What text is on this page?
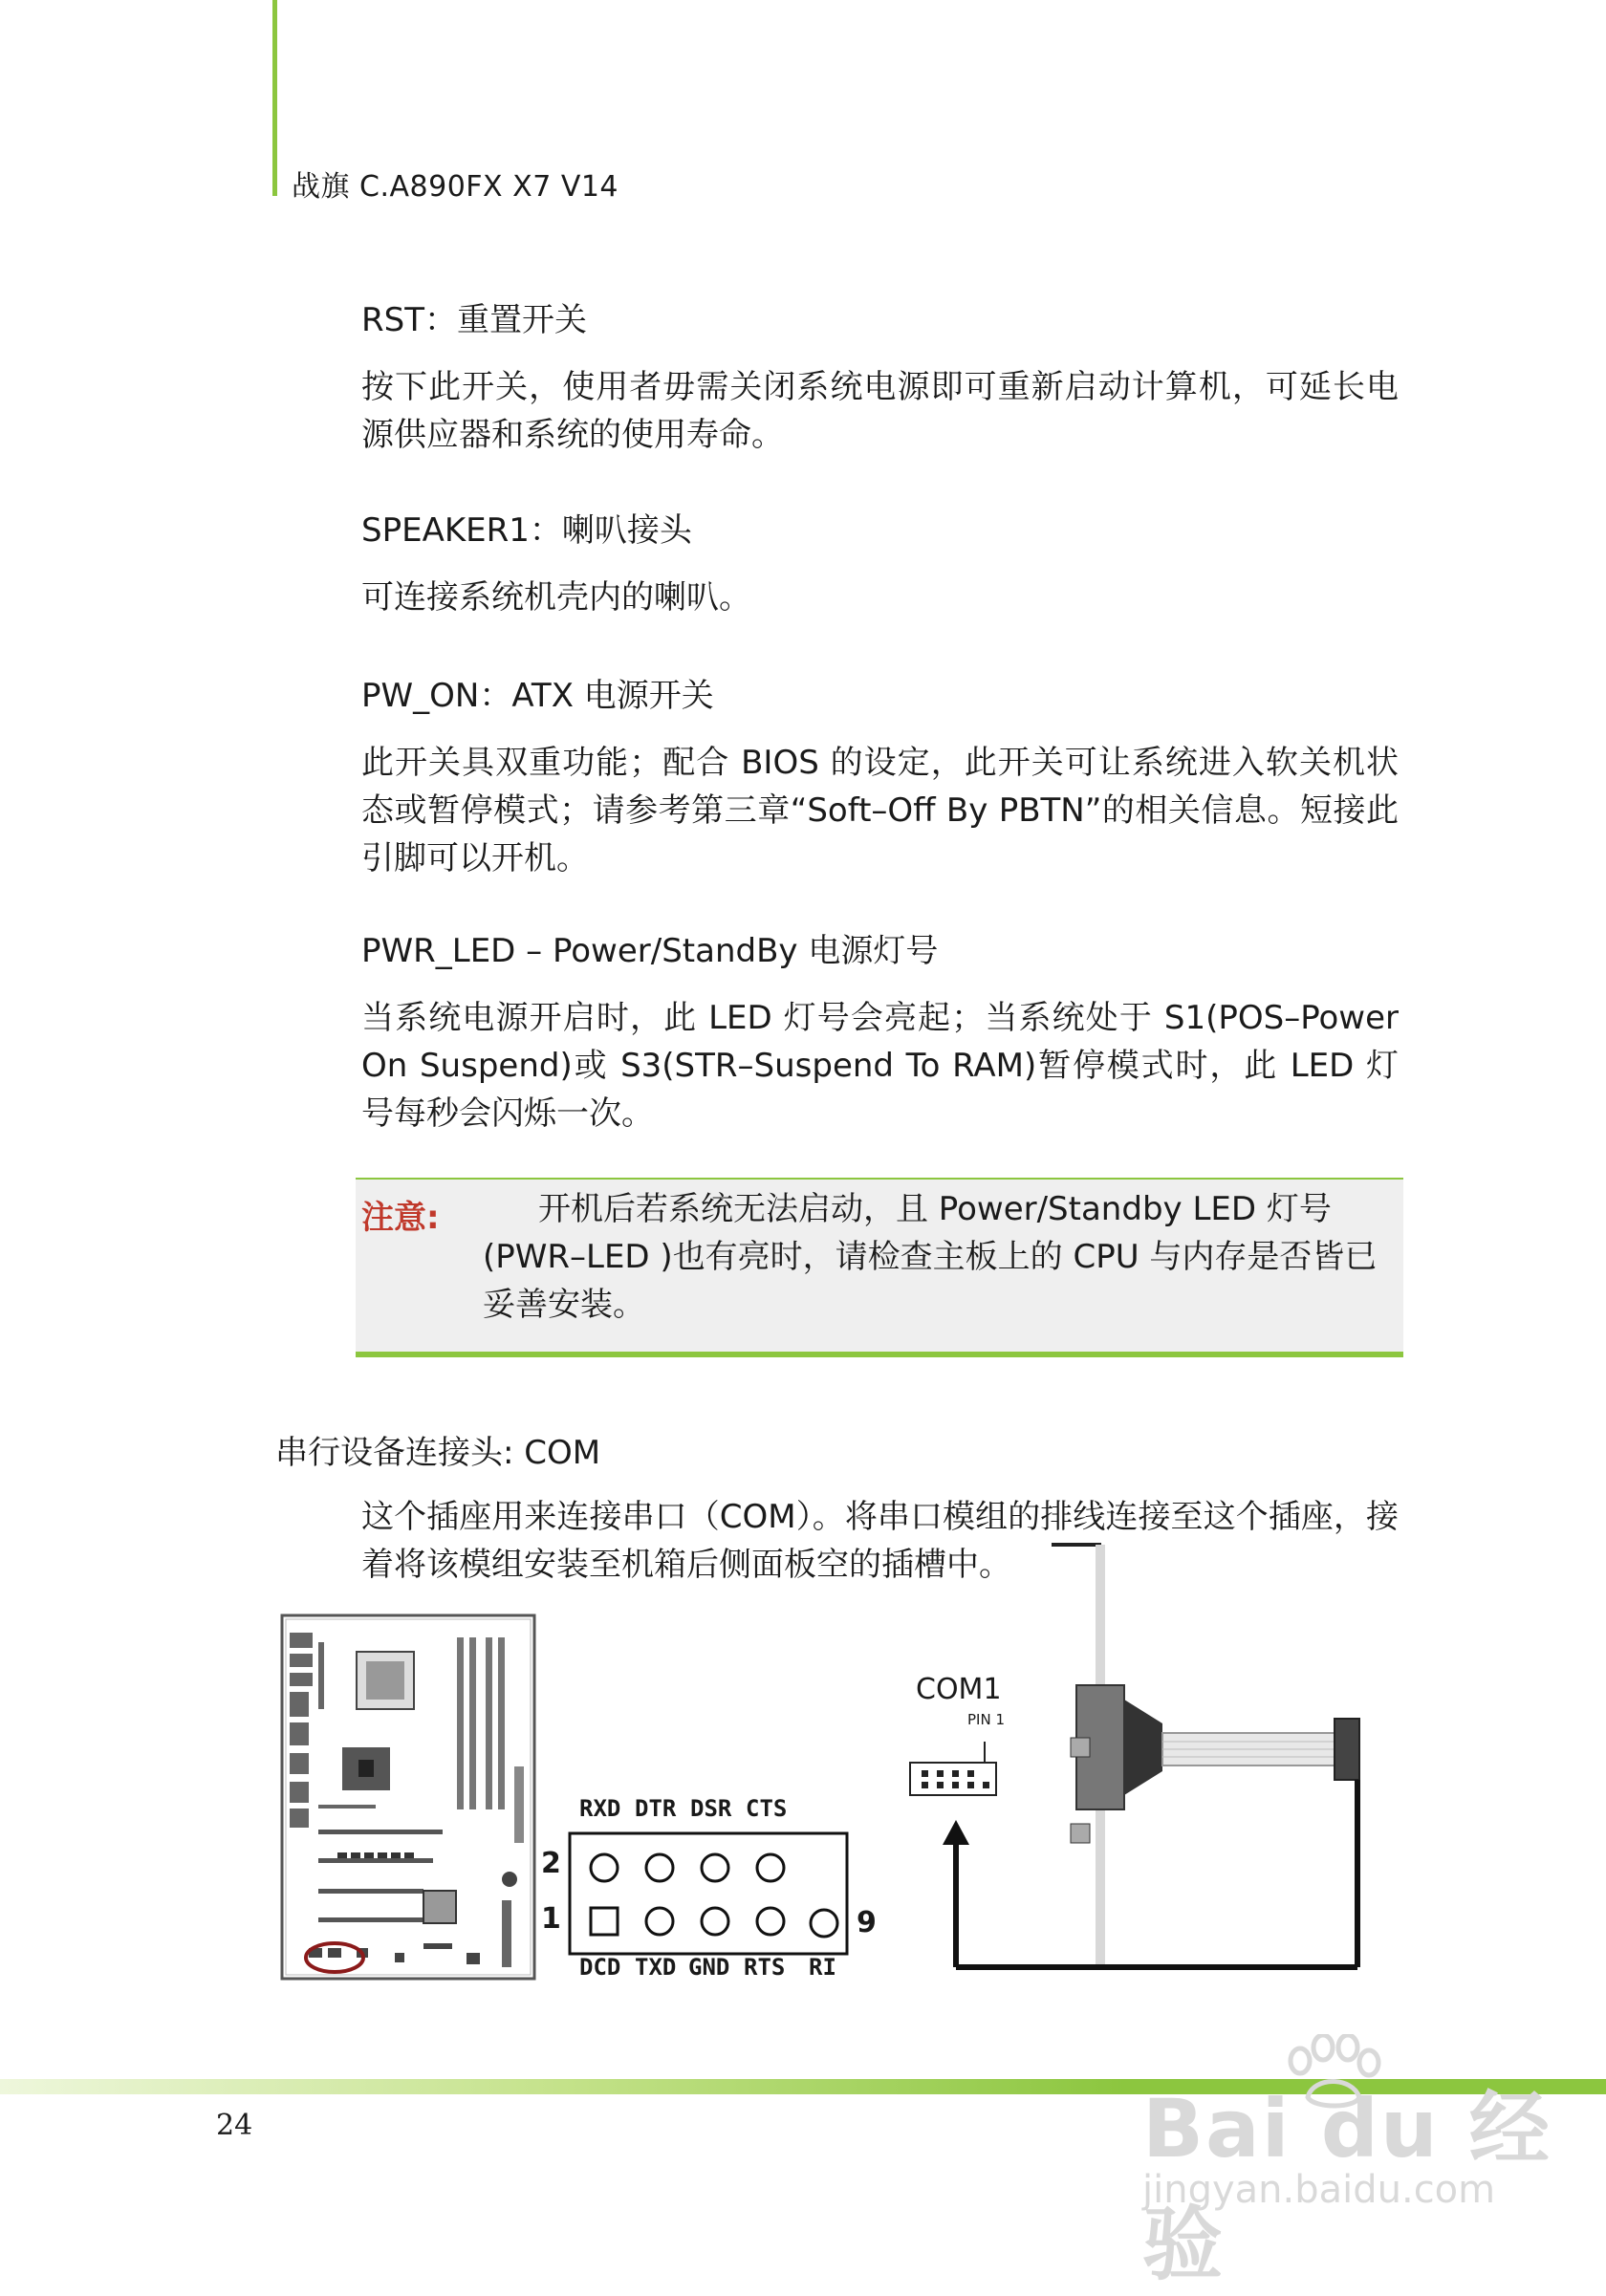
战旗 C.A890FX X7 V14
RST：重置开关
按下此开关，使用者毋需关闭系统电源即可重新启动计算机，可延长电源供应器和系统的使用寿命。
SPEAKER1：喇叭接头
可连接系统机壳内的喇叭。
PW_ON：ATX 电源开关
此开关具双重功能；配合 BIOS 的设定，此开关可让系统进入软关机状态或暂停模式；请参考第三章“Soft–Off By PBTN”的相关信息。短接此引脚可以开机。
PWR_LED – Power/StandBy 电源灯号
当系统电源开启时，此 LED 灯号会亮起；当系统处于 S1(POS–Power On Suspend)或 S3(STR–Suspend To RAM)暂停模式时，此 LED 灯号每秒会闪烁一次。
注意:	开机后若系统无法启动，且 Power/Standby LED 灯号 (PWR–LED )也有亮时，请检查主板上的 CPU 与内存是否皆已妥善安装。
串行设备连接头: COM
这个插座用来连接串口（COM）。将串口模组的排线连接至这个插座，接着将该模组安装至机箱后侧面板空的插槽中。
RXD DTR DSR CTS
2
1	9
DCD TXD GND RTS RI
COM1
PIN 1
24	Bai du 经验
jingyan.baidu.com
